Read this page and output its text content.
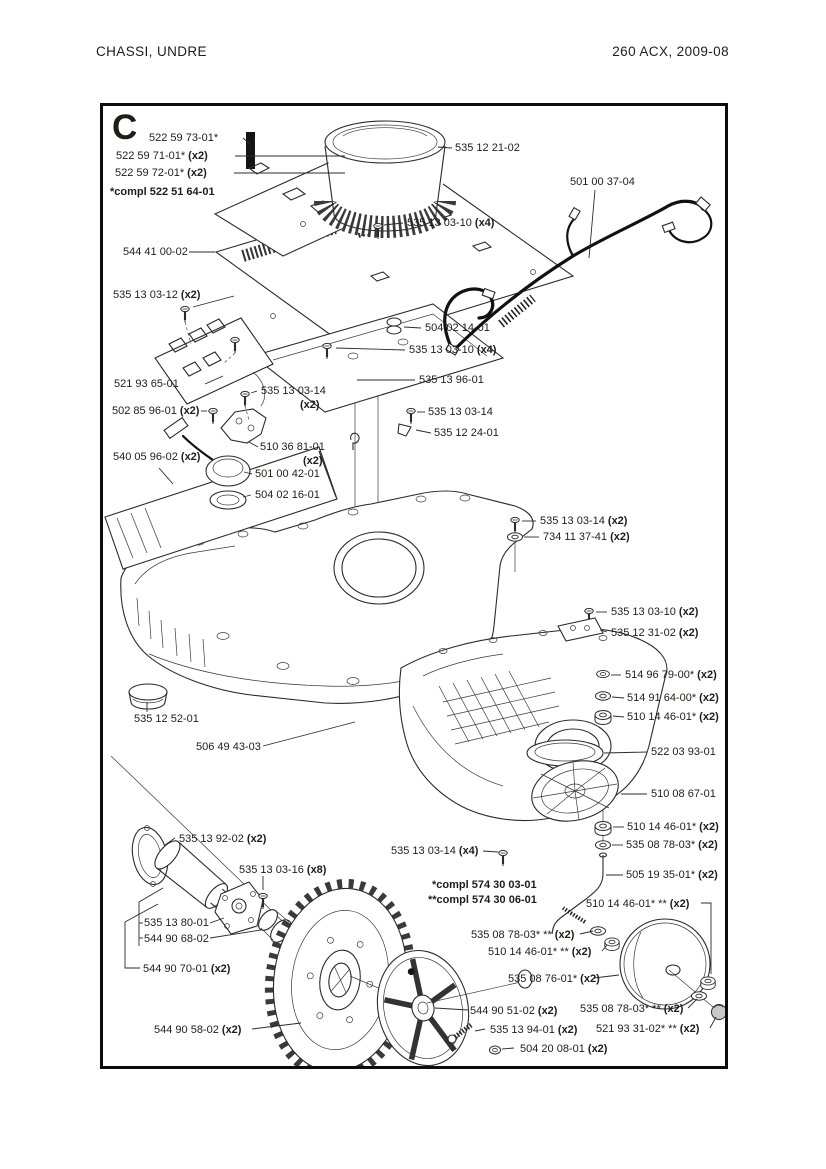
CHASSI, UNDRE	260 ACX, 2009-08
C 522 59 73-01*
522 59 71-01* (x2)
522 59 72-01* (x2)
*compl 522 51 64-01
544 41 00-02
535 13 03-12 (x2)
521 93 65-01
502 85 96-01 (x2)
535 13 03-14
(x2)
540 05 96-02 (x2)
510 36 81-01
(x2)
501 00 42-01
504 02 16-01
535 12 21-02
501 00 37-04
535 13 03-10 (x4)
504 02 14-01
535 13 03-10 (x4)
535 13 96-01
535 13 03-14
535 12 24-01
535 13 03-14 (x2)
734 11 37-41 (x2)
535 13 03-10 (x2)
535 12 31-02 (x2)
514 96 79-00* (x2)
514 91 64-00* (x2)
510 14 46-01* (x2)
522 03 93-01
510 08 67-01
510 14 46-01* (x2)
535 08 78-03* (x2)
505 19 35-01* (x2)
535 12 52-01
506 49 43-03
535 13 92-02 (x2)
535 13 03-16 (x8)
535 13 80-01
544 90 68-02
544 90 70-01 (x2)
535 13 03-14 (x4)
*compl 574 30 03-01
**compl 574 30 06-01	510 14 46-01* ** (x2)
535 08 78-03* ** (x2)
510 14 46-01* ** (x2)
535 08 76-01* (x2)
544 90 51-02 (x2)
535 13 94-01 (x2)
504 20 08-01 (x2)
544 90 58-02 (x2)
535 08 78-03* ** (x2)
521 93 31-02* ** (x2)
